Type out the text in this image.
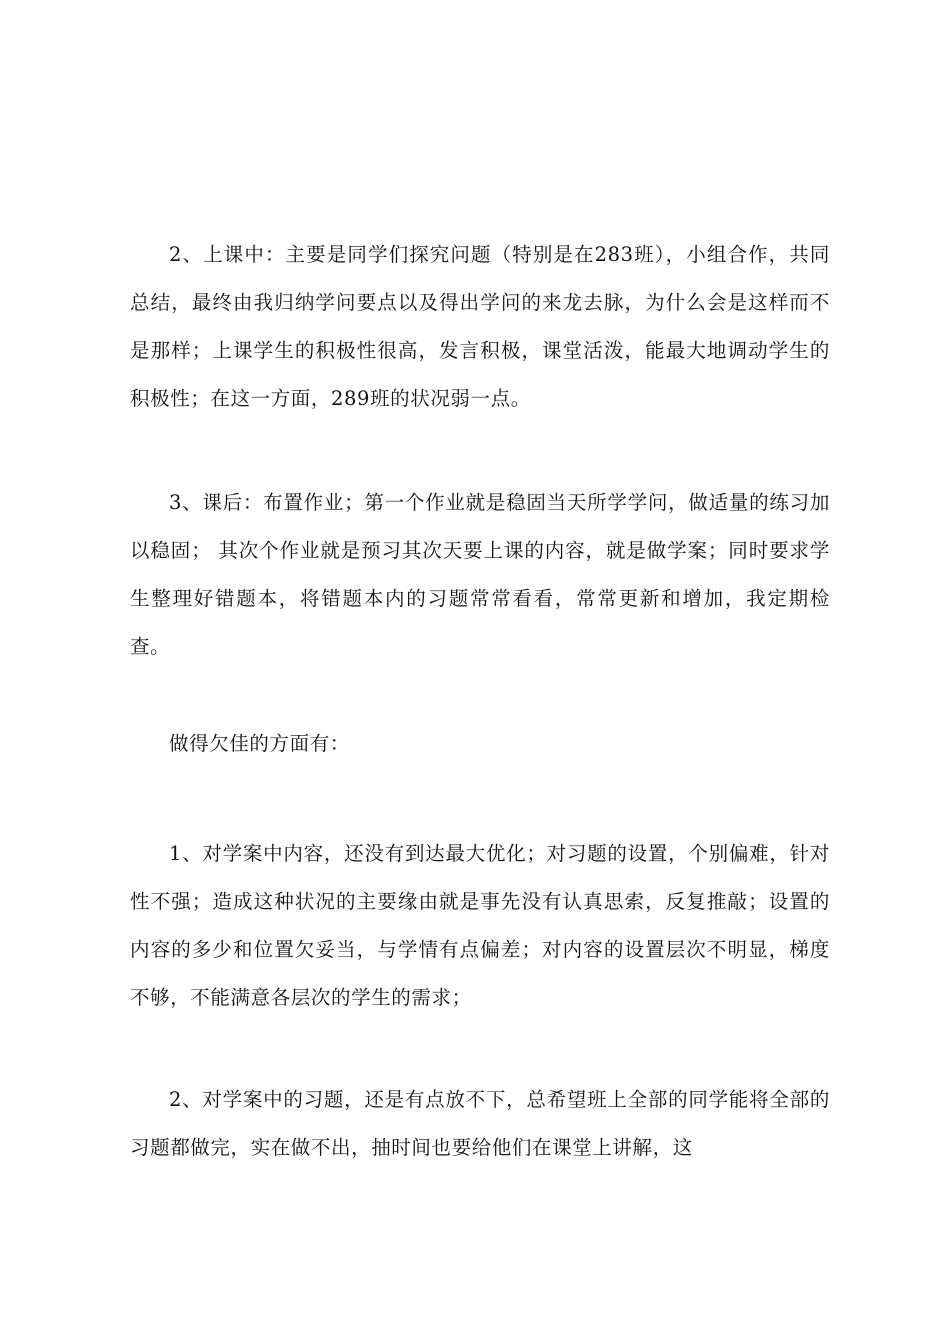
2、上课中：主要是同学们探究问题（特别是在283班），小组合作，共同总结，最终由我归纳学问要点以及得出学问的来龙去脉，为什么会是这样而不是那样；上课学生的积极性很高，发言积极，课堂活泼，能最大地调动学生的积极性；在这一方面，289班的状况弱一点。

3、课后：布置作业；第一个作业就是稳固当天所学学问，做适量的练习加以稳固； 其次个作业就是预习其次天要上课的内容，就是做学案；同时要求学生整理好错题本，将错题本内的习题常常看看，常常更新和增加，我定期检查。

做得欠佳的方面有：

1、对学案中内容，还没有到达最大优化；对习题的设置，个别偏难，针对性不强；造成这种状况的主要缘由就是事先没有认真思索，反复推敲；设置的内容的多少和位置欠妥当，与学情有点偏差；对内容的设置层次不明显，梯度不够，不能满意各层次的学生的需求；

2、对学案中的习题，还是有点放不下，总希望班上全部的同学能将全部的习题都做完，实在做不出，抽时间也要给他们在课堂上讲解，这
